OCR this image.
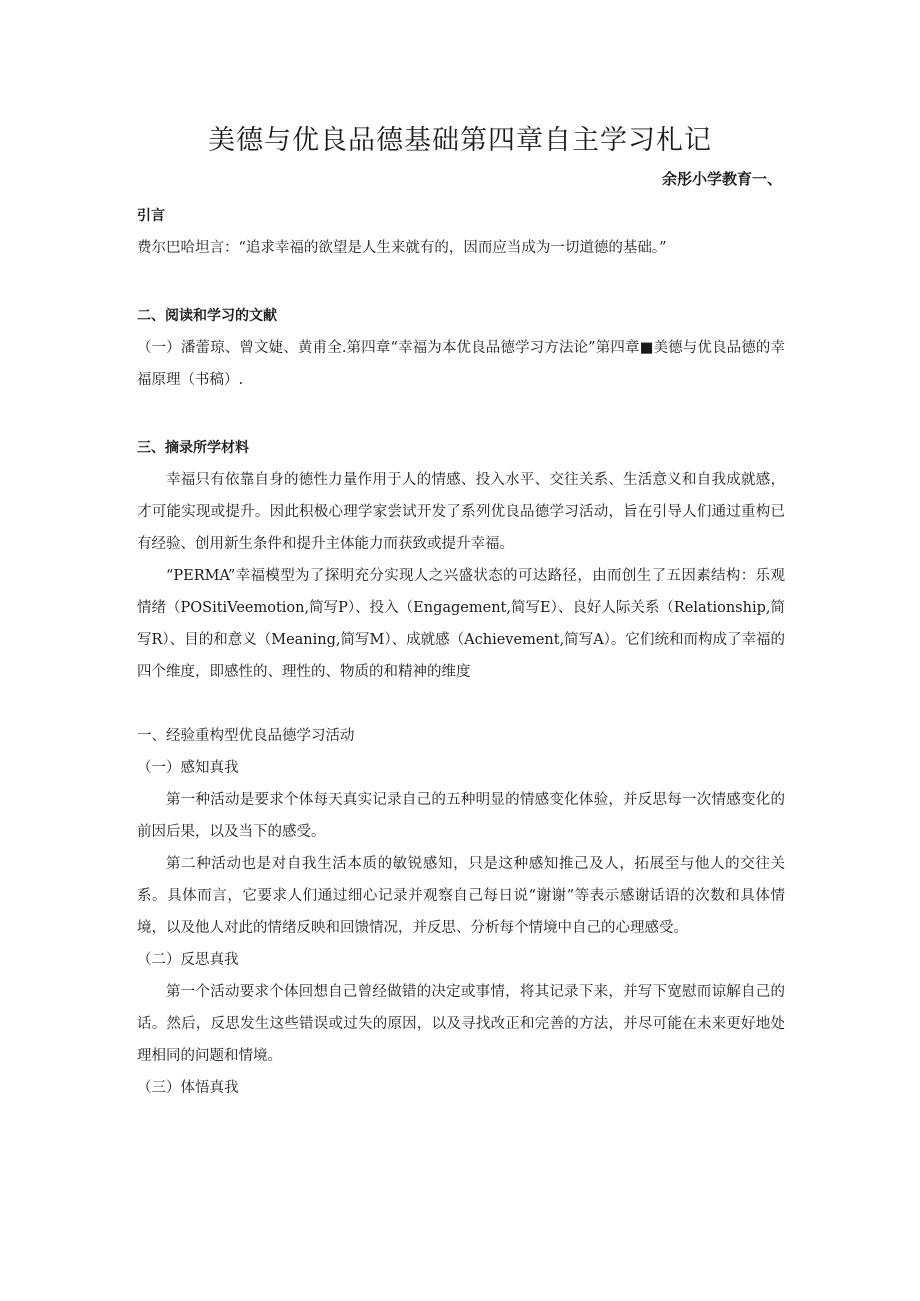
美德与优良品德基础第四章自主学习札记
余彤小学教育一、

引言

费尔巴哈坦言：“追求幸福的欲望是人生来就有的，因而应当成为一切道德的基础。”

二、阅读和学习的文献

（一）潘蕾琼、曾文婕、黄甫全.第四章“幸福为本优良品德学习方法论”第四章■美德与优良品德的幸福原理（书稿）.

三、摘录所学材料

幸福只有依靠自身的德性力量作用于人的情感、投入水平、交往关系、生活意义和自我成就感，才可能实现或提升。因此积极心理学家尝试开发了系列优良品德学习活动，旨在引导人们通过重构已有经验、创用新生条件和提升主体能力而获致或提升幸福。

“PERMA”幸福模型为了探明充分实现人之兴盛状态的可达路径，由而创生了五因素结构：乐观情绪（POSitiVeemotion,简写P）、投入（Engagement,简写E）、良好人际关系（Relationship,简写R）、目的和意义（Meaning,简写M）、成就感（Achievement,简写A）。它们统和而构成了幸福的四个维度，即感性的、理性的、物质的和精神的维度

一、经验重构型优良品德学习活动

（一）感知真我

第一种活动是要求个体每天真实记录自己的五种明显的情感变化体验，并反思每一次情感变化的前因后果，以及当下的感受。

第二种活动也是对自我生活本质的敏锐感知，只是这种感知推己及人，拓展至与他人的交往关系。具体而言，它要求人们通过细心记录并观察自己每日说“谢谢”等表示感谢话语的次数和具体情境，以及他人对此的情绪反映和回馈情况，并反思、分析每个情境中自己的心理感受。

（二）反思真我

第一个活动要求个体回想自己曾经做错的决定或事情，将其记录下来，并写下宽慰而谅解自己的话。然后，反思发生这些错误或过失的原因，以及寻找改正和完善的方法，并尽可能在未来更好地处理相同的问题和情境。

（三）体悟真我
